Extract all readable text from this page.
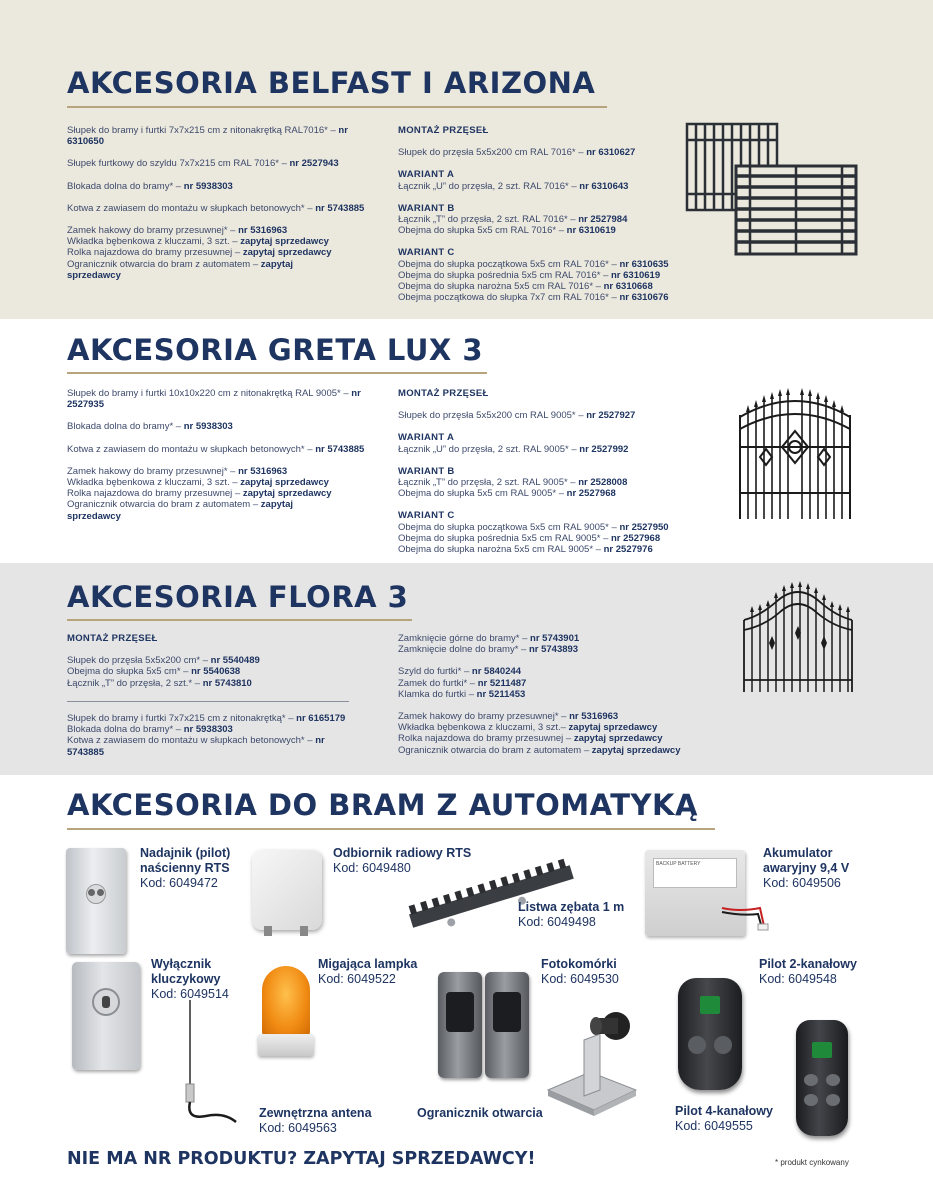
AKCESORIA BELFAST I ARIZONA

Słupek do bramy i furtki 7x7x215 cm z nitonakrętką RAL7016* – nr 6310650

Słupek furtkowy do szyldu 7x7x215 cm RAL 7016* – nr 2527943

Blokada dolna do bramy* – nr 5938303

Kotwa z zawiasem do montażu w słupkach betonowych* – nr 5743885

Zamek hakowy do bramy przesuwnej* – nr 5316963

Wkładka bębenkowa z kluczami, 3 szt. – zapytaj sprzedawcy

Rolka najazdowa do bramy przesuwnej – zapytaj sprzedawcy

Ogranicznik otwarcia do bram z automatem – zapytaj sprzedawcy

MONTAŻ PRZĘSEŁ

Słupek do przęsła 5x5x200 cm RAL 7016* – nr 6310627

WARIANT A

Łącznik „U” do przęsła, 2 szt. RAL 7016* – nr 6310643

WARIANT B

Łącznik „T” do przęsła, 2 szt. RAL 7016* – nr 2527984

Obejma do słupka 5x5 cm RAL 7016* – nr 6310619

WARIANT C

Obejma do słupka początkowa 5x5 cm RAL 7016* – nr 6310635

Obejma do słupka pośrednia 5x5 cm RAL 7016* – nr 6310619

Obejma do słupka narożna 5x5 cm RAL 7016* – nr 6310668

Obejma początkowa do słupka 7x7 cm RAL 7016* – nr 6310676

AKCESORIA GRETA LUX 3

Słupek do bramy i furtki 10x10x220 cm z nitonakrętką RAL 9005* – nr 2527935

Blokada dolna do bramy* – nr 5938303

Kotwa z zawiasem do montażu w słupkach betonowych* – nr 5743885

Zamek hakowy do bramy przesuwnej* – nr 5316963

Wkładka bębenkowa z kluczami, 3 szt. – zapytaj sprzedawcy

Rolka najazdowa do bramy przesuwnej – zapytaj sprzedawcy

Ogranicznik otwarcia do bram z automatem – zapytaj sprzedawcy

MONTAŻ PRZĘSEŁ

Słupek do przęsła 5x5x200 cm RAL 9005* – nr 2527927

WARIANT A

Łącznik „U” do przęsła, 2 szt. RAL 9005* – nr 2527992

WARIANT B

Łącznik „T” do przęsła, 2 szt. RAL 9005* – nr 2528008

Obejma do słupka 5x5 cm RAL 9005* – nr 2527968

WARIANT C

Obejma do słupka początkowa 5x5 cm RAL 9005* – nr 2527950

Obejma do słupka pośrednia 5x5 cm RAL 9005* – nr 2527968

Obejma do słupka narożna 5x5 cm RAL 9005* – nr 2527976

AKCESORIA FLORA 3

MONTAŻ PRZĘSEŁ

Słupek do przęsła 5x5x200 cm* – nr 5540489

Obejma do słupka 5x5 cm* – nr 5540638

Łącznik „T” do przęsła, 2 szt.* – nr 5743810

Słupek do bramy i furtki 7x7x215 cm z nitonakrętką* – nr 6165179

Blokada dolna do bramy* – nr 5938303

Kotwa z zawiasem do montażu w słupkach betonowych* – nr 5743885

Zamknięcie górne do bramy* – nr 5743901

Zamknięcie dolne do bramy* – nr 5743893

Szyld do furtki* – nr 5840244

Zamek do furtki* – nr 5211487

Klamka do furtki – nr 5211453

Zamek hakowy do bramy przesuwnej* – nr 5316963

Wkładka bębenkowa z kluczami, 3 szt.– zapytaj sprzedawcy

Rolka najazdowa do bramy przesuwnej – zapytaj sprzedawcy

Ogranicznik otwarcia do bram z automatem – zapytaj sprzedawcy

AKCESORIA DO BRAM Z AUTOMATYKĄ
Nadajnik (pilot) naścienny RTS
Kod: 6049472
Odbiornik radiowy RTS
Kod: 6049480
Listwa zębata 1 m
Kod: 6049498
BACKUP BATTERY
Akumulator awaryjny 9,4 V
Kod: 6049506
Wyłącznik kluczykowy
Kod: 6049514
Zewnętrzna antena
Kod: 6049563
Migająca lampka
Kod: 6049522
Fotokomórki
Kod: 6049530
Ogranicznik otwarcia
Pilot 2-kanałowy
Kod: 6049548
Pilot 4-kanałowy
Kod: 6049555
NIE MA NR PRODUKTU? ZAPYTAJ SPRZEDAWCY!	* produkt cynkowany
